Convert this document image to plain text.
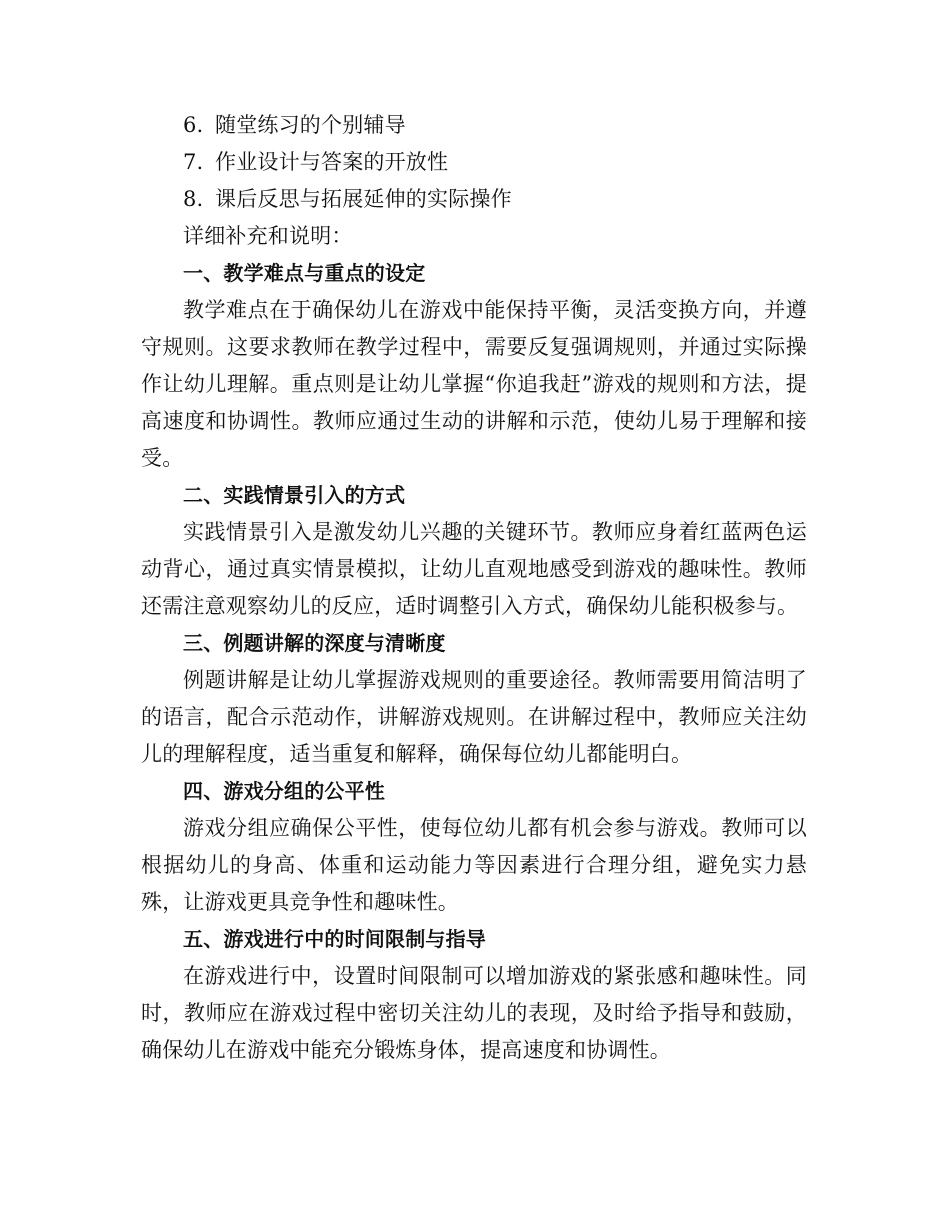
6. 随堂练习的个别辅导
7. 作业设计与答案的开放性
8. 课后反思与拓展延伸的实际操作
详细补充和说明：
一、教学难点与重点的设定

教学难点在于确保幼儿在游戏中能保持平衡，灵活变换方向，并遵守规则。这要求教师在教学过程中，需要反复强调规则，并通过实际操作让幼儿理解。重点则是让幼儿掌握“你追我赶”游戏的规则和方法，提高速度和协调性。教师应通过生动的讲解和示范，使幼儿易于理解和接受。

二、实践情景引入的方式

实践情景引入是激发幼儿兴趣的关键环节。教师应身着红蓝两色运动背心，通过真实情景模拟，让幼儿直观地感受到游戏的趣味性。教师还需注意观察幼儿的反应，适时调整引入方式，确保幼儿能积极参与。

三、例题讲解的深度与清晰度

例题讲解是让幼儿掌握游戏规则的重要途径。教师需要用简洁明了的语言，配合示范动作，讲解游戏规则。在讲解过程中，教师应关注幼儿的理解程度，适当重复和解释，确保每位幼儿都能明白。

四、游戏分组的公平性

游戏分组应确保公平性，使每位幼儿都有机会参与游戏。教师可以根据幼儿的身高、体重和运动能力等因素进行合理分组，避免实力悬殊，让游戏更具竞争性和趣味性。

五、游戏进行中的时间限制与指导

在游戏进行中，设置时间限制可以增加游戏的紧张感和趣味性。同时，教师应在游戏过程中密切关注幼儿的表现，及时给予指导和鼓励，确保幼儿在游戏中能充分锻炼身体，提高速度和协调性。
